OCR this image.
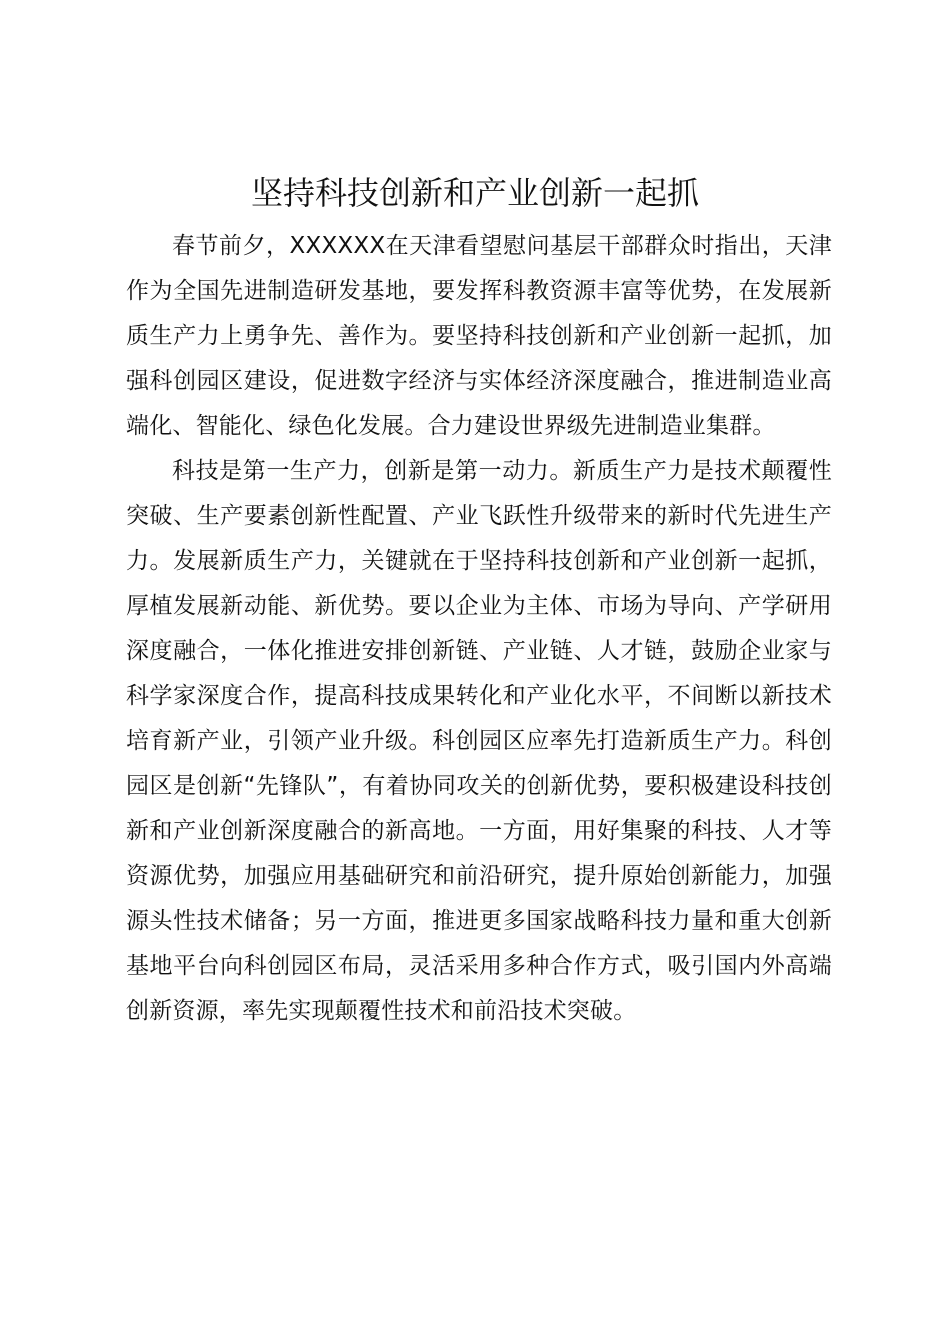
坚持科技创新和产业创新一起抓

春节前夕，XXXXXX在天津看望慰问基层干部群众时指出，天津作为全国先进制造研发基地，要发挥科教资源丰富等优势，在发展新质生产力上勇争先、善作为。要坚持科技创新和产业创新一起抓，加强科创园区建设，促进数字经济与实体经济深度融合，推进制造业高端化、智能化、绿色化发展。合力建设世界级先进制造业集群。

科技是第一生产力，创新是第一动力。新质生产力是技术颠覆性突破、生产要素创新性配置、产业飞跃性升级带来的新时代先进生产力。发展新质生产力，关键就在于坚持科技创新和产业创新一起抓，厚植发展新动能、新优势。要以企业为主体、市场为导向、产学研用深度融合，一体化推进安排创新链、产业链、人才链，鼓励企业家与科学家深度合作，提高科技成果转化和产业化水平，不间断以新技术培育新产业，引领产业升级。科创园区应率先打造新质生产力。科创园区是创新“先锋队”，有着协同攻关的创新优势，要积极建设科技创新和产业创新深度融合的新高地。一方面，用好集聚的科技、人才等资源优势，加强应用基础研究和前沿研究，提升原始创新能力，加强源头性技术储备；另一方面，推进更多国家战略科技力量和重大创新基地平台向科创园区布局，灵活采用多种合作方式，吸引国内外高端创新资源，率先实现颠覆性技术和前沿技术突破。
